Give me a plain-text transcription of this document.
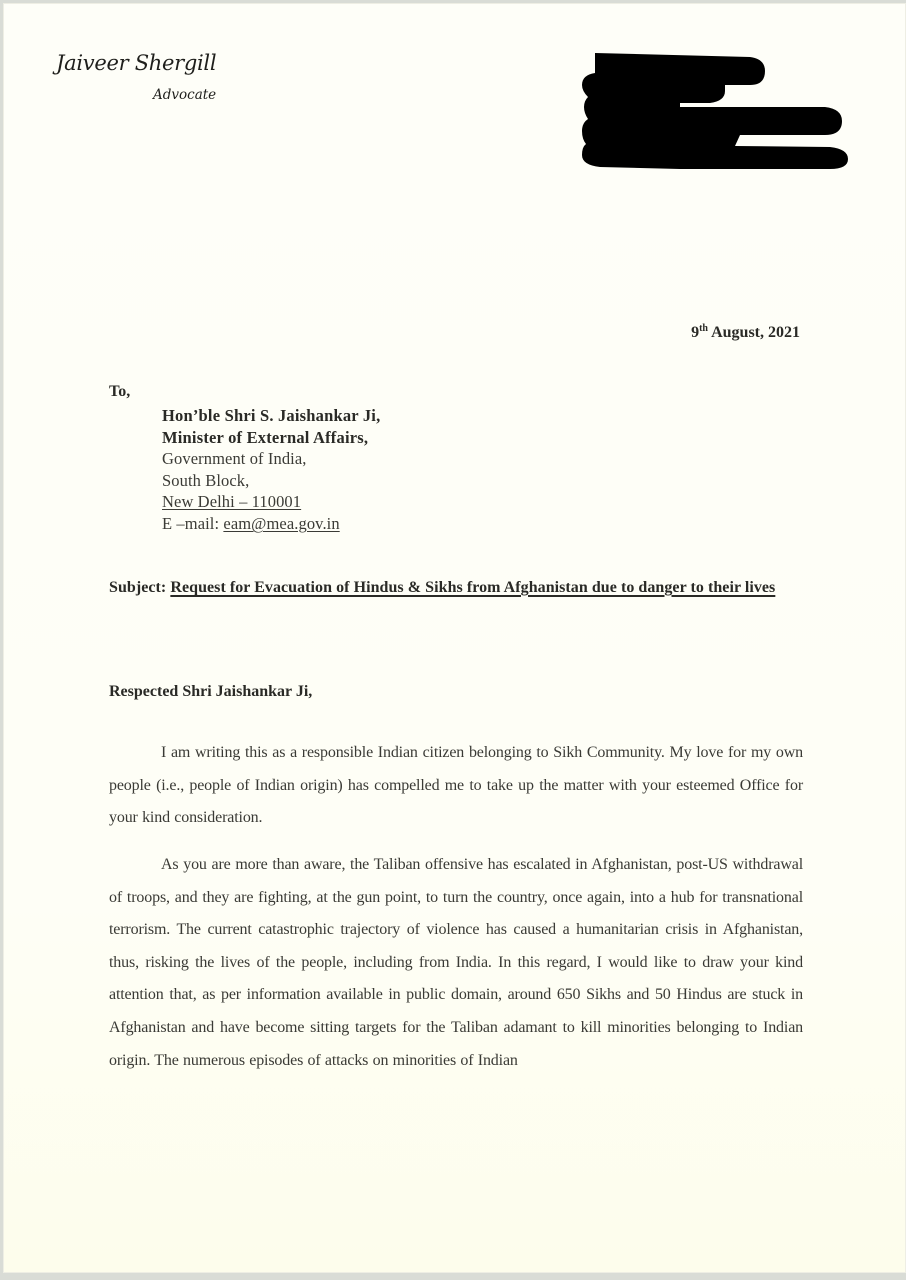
Jaiveer Shergill
Advocate
9th August, 2021
To,
Hon’ble Shri S. Jaishankar Ji,
Minister of External Affairs,
Government of India,
South Block,
New Delhi – 110001
E –mail: eam@mea.gov.in
Subject: Request for Evacuation of Hindus & Sikhs from Afghanistan due to danger to their lives
Respected Shri Jaishankar Ji,

I am writing this as a responsible Indian citizen belonging to Sikh Community. My love for my own people (i.e., people of Indian origin) has compelled me to take up the matter with your esteemed Office for your kind consideration.

As you are more than aware, the Taliban offensive has escalated in Afghanistan, post-US withdrawal of troops, and they are fighting, at the gun point, to turn the country, once again, into a hub for transnational terrorism. The current catastrophic trajectory of violence has caused a humanitarian crisis in Afghanistan, thus, risking the lives of the people, including from India. In this regard, I would like to draw your kind attention that, as per information available in public domain, around 650 Sikhs and 50 Hindus are stuck in Afghanistan and have become sitting targets for the Taliban adamant to kill minorities belonging to Indian origin. The numerous episodes of attacks on minorities of Indian
